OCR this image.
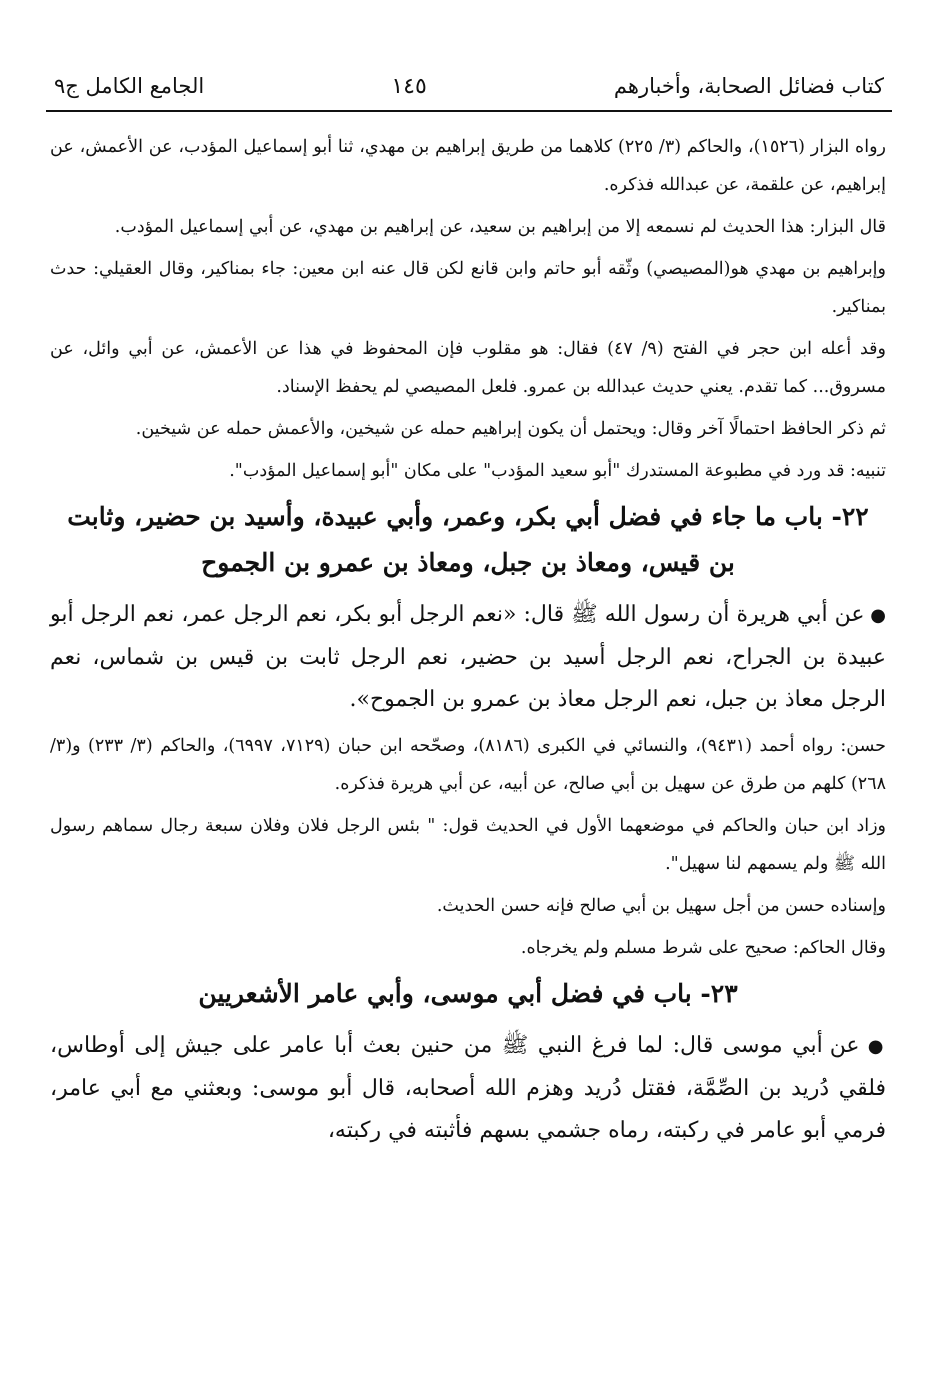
كتاب فضائل الصحابة، وأخبارهم
١٤٥
الجامع الكامل ج٩

رواه البزار (١٥٢٦)، والحاكم (٣/ ٢٢٥) كلاهما من طريق إبراهيم بن مهدي، ثنا أبو إسماعيل المؤدب، عن الأعمش، عن إبراهيم، عن علقمة، عن عبدالله فذكره.

قال البزار: هذا الحديث لم نسمعه إلا من إبراهيم بن سعيد، عن إبراهيم بن مهدي، عن أبي إسماعيل المؤدب.

وإبراهيم بن مهدي هو(المصيصي) وثّقه أبو حاتم وابن قانع لكن قال عنه ابن معين: جاء بمناكير، وقال العقيلي: حدث بمناكير.

وقد أعله ابن حجر في الفتح (٩/ ٤٧) فقال: هو مقلوب فإن المحفوظ في هذا عن الأعمش، عن أبي وائل، عن مسروق... كما تقدم. يعني حديث عبدالله بن عمرو. فلعل المصيصي لم يحفظ الإسناد.

ثم ذكر الحافظ احتمالًا آخر وقال: ويحتمل أن يكون إبراهيم حمله عن شيخين، والأعمش حمله عن شيخين.

تنبيه: قد ورد في مطبوعة المستدرك "أبو سعيد المؤدب" على مكان "أبو إسماعيل المؤدب".

٢٢- باب ما جاء في فضل أبي بكر، وعمر، وأبي عبيدة، وأسيد بن حضير، وثابت بن قيس، ومعاذ بن جبل، ومعاذ بن عمرو بن الجموح

● عن أبي هريرة أن رسول الله ﷺ قال: «نعم الرجل أبو بكر، نعم الرجل عمر، نعم الرجل أبو عبيدة بن الجراح، نعم الرجل أسيد بن حضير، نعم الرجل ثابت بن قيس بن شماس، نعم الرجل معاذ بن جبل، نعم الرجل معاذ بن عمرو بن الجموح».

حسن: رواه أحمد (٩٤٣١)، والنسائي في الكبرى (٨١٨٦)، وصحّحه ابن حبان (٧١٢٩، ٦٩٩٧)، والحاكم (٣/ ٢٣٣) و(٣/ ٢٦٨) كلهم من طرق عن سهيل بن أبي صالح، عن أبيه، عن أبي هريرة فذكره.

وزاد ابن حبان والحاكم في موضعهما الأول في الحديث قول: " بئس الرجل فلان وفلان سبعة رجال سماهم رسول الله ﷺ ولم يسمهم لنا سهيل".

وإسناده حسن من أجل سهيل بن أبي صالح فإنه حسن الحديث.

وقال الحاكم: صحيح على شرط مسلم ولم يخرجاه.

٢٣- باب في فضل أبي موسى، وأبي عامر الأشعريين

● عن أبي موسى قال: لما فرغ النبي ﷺ من حنين بعث أبا عامر على جيش إلى أوطاس، فلقي دُريد بن الصِّمَّة، فقتل دُريد وهزم الله أصحابه، قال أبو موسى: وبعثني مع أبي عامر، فرمي أبو عامر في ركبته، رماه جشمي بسهم فأثبته في ركبته،
